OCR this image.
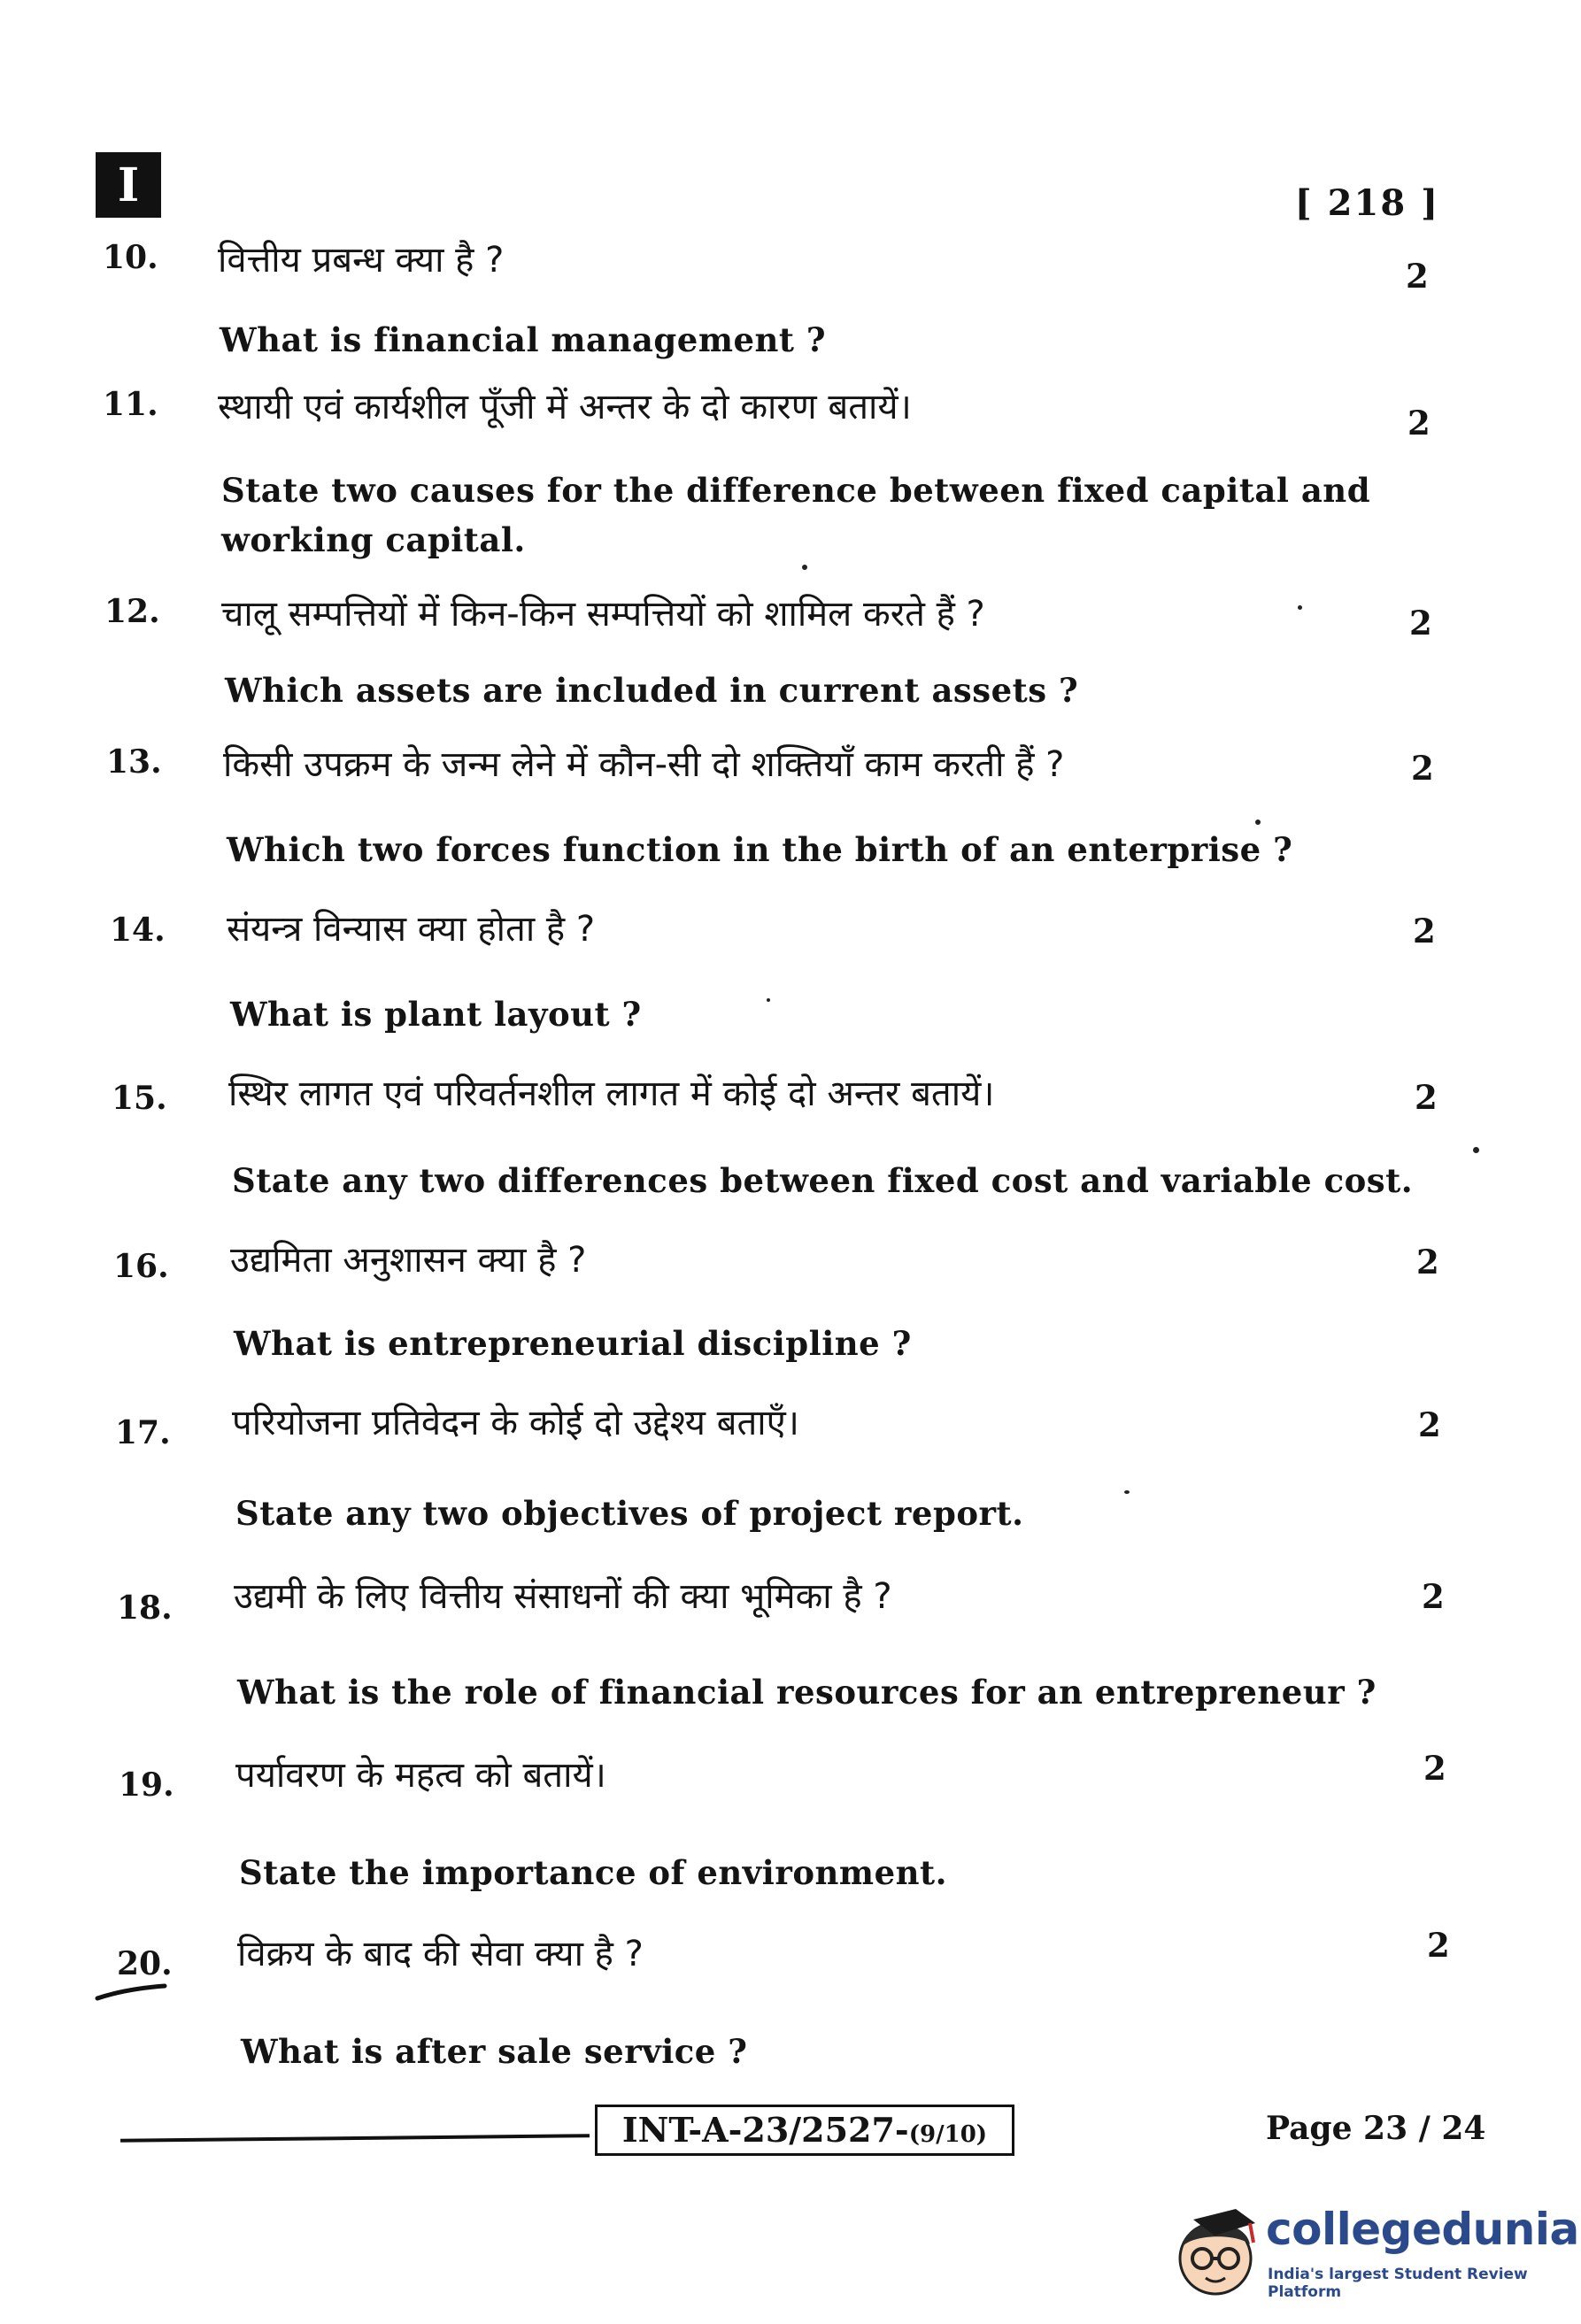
I	[ 218 ]
10. वित्तीय प्रबन्ध क्या है ?	2
What is financial management ?
11. स्थायी एवं कार्यशील पूँजी में अन्तर के दो कारण बतायें।	2
State two causes for the difference between fixed capital and working capital.
12. चालू सम्पत्तियों में किन-किन सम्पत्तियों को शामिल करते हैं ?	2
Which assets are included in current assets ?
13. किसी उपक्रम के जन्म लेने में कौन-सी दो शक्तियाँ काम करती हैं ?	2
Which two forces function in the birth of an enterprise ?
14. संयन्त्र विन्यास क्या होता है ?	2
What is plant layout ?
15. स्थिर लागत एवं परिवर्तनशील लागत में कोई दो अन्तर बतायें।	2
State any two differences between fixed cost and variable cost.
16. उद्यमिता अनुशासन क्या है ?	2
What is entrepreneurial discipline ?
17. परियोजना प्रतिवेदन के कोई दो उद्देश्य बताएँ।	2
State any two objectives of project report.
18. उद्यमी के लिए वित्तीय संसाधनों की क्या भूमिका है ?	2
What is the role of financial resources for an entrepreneur ?
19. पर्यावरण के महत्व को बतायें।	2
State the importance of environment.
20. विक्रय के बाद की सेवा क्या है ?	2
What is after sale service ?
INT-A-23/2527-(9/10)	Page 23 / 24
collegedunia
India's largest Student Review Platform
